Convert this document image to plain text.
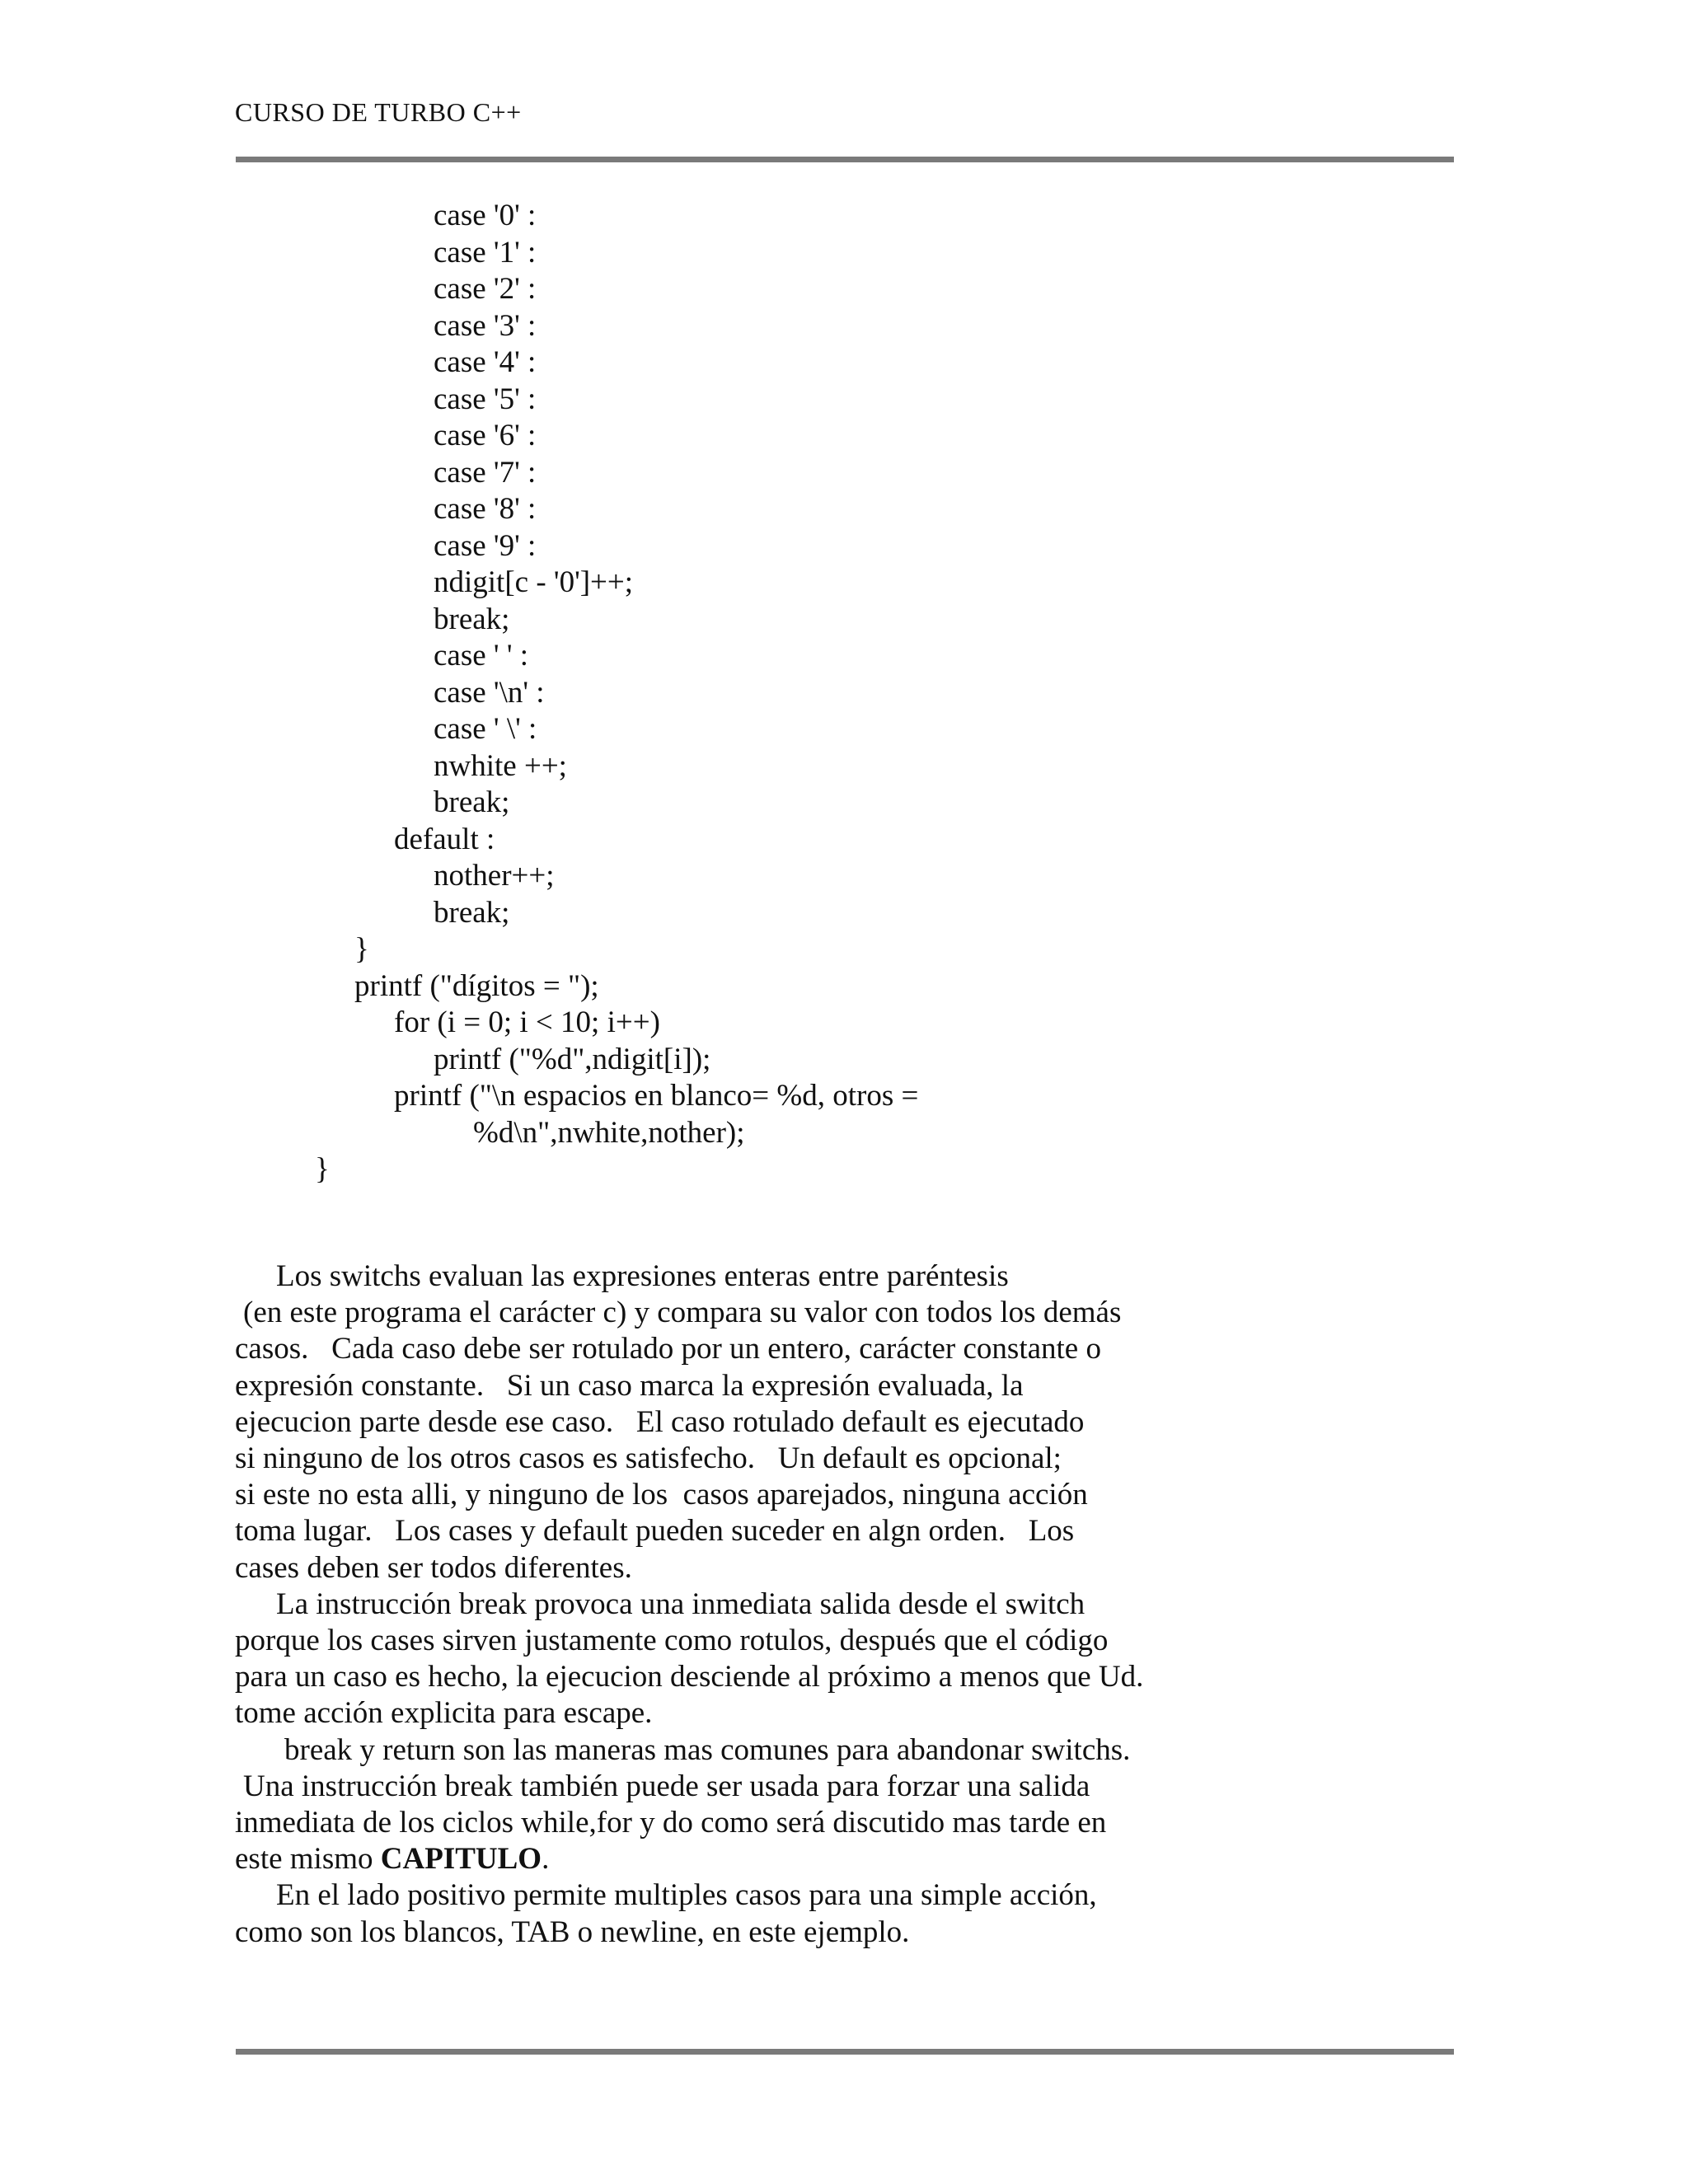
CURSO DE TURBO C++
case '0' :
case '1' :
case '2' :
case '3' :
case '4' :
case '5' :
case '6' :
case '7' :
case '8' :
case '9' :
ndigit[c - '0']++;
break;
case ' ' :
case '\n' :
case ' \' :
nwhite ++;
break;
default :
nother++;
break;
}
printf ("dígitos = ");
for (i = 0; i < 10; i++)
printf ("%d",ndigit[i]);
printf ("\n espacios en blanco= %d, otros =
%d\n",nwhite,nother);
}
Los switchs evaluan las expresiones enteras entre paréntesis
(en este programa el carácter c) y compara su valor con todos los demás
casos.   Cada caso debe ser rotulado por un entero, carácter constante o
expresión constante.   Si un caso marca la expresión evaluada, la
ejecucion parte desde ese caso.   El caso rotulado default es ejecutado
si ninguno de los otros casos es satisfecho.   Un default es opcional;
si este no esta alli, y ninguno de los  casos aparejados, ninguna acción
toma lugar.   Los cases y default pueden suceder en algn orden.   Los
cases deben ser todos diferentes.
La instrucción break provoca una inmediata salida desde el switch
porque los cases sirven justamente como rotulos, después que el código
para un caso es hecho, la ejecucion desciende al próximo a menos que Ud.
tome acción explicita para escape.
break y return son las maneras mas comunes para abandonar switchs.
Una instrucción break también puede ser usada para forzar una salida
inmediata de los ciclos while,for y do como será discutido mas tarde en
este mismo CAPITULO.
En el lado positivo permite multiples casos para una simple acción,
como son los blancos, TAB o newline, en este ejemplo.
